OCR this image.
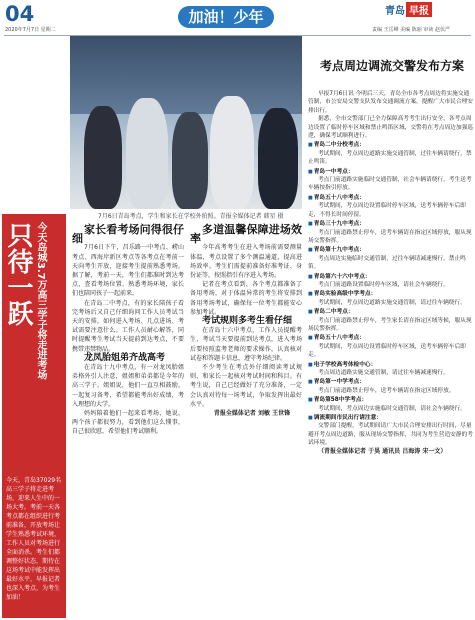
04
2020年7月7日 星期二
加油！少年	青岛 早报
责编 王岳峰 美编 陈丽 审读 赵伏严
只待一跃 今天岛城3.7万高三学子将走进考场
今天，青岛37029名高三学子将走进考场，迎来人生中的一场大考。考前一天各考点都在组织进行考前准备，开放考场让学生熟悉考试环境，工作人员对考场进行全面消杀。考生们都调整好状态，期待在这场考试中能发挥出最好水平，早报记者也深入考点，为考生加油！
7月6日青岛考点，学生和家长在学校外拍照。青报全媒体记者 韩星 摄

家长看考场问得很仔细

7月6日下午，昌乐路一中考点、崂山考点、西海岸新区考点等各考点在考前一天向考生开放，迎接考生提前熟悉考场。据了解，考前一天，考生们都准时到达考点，查看考场位置、熟悉考场环境，家长们也陪同孩子一起前来。

在青岛二中考点，有的家长陪孩子看完考场后又自己仔细询问工作人员考试当天的安排，如何进入考场、几点进场、考试需要注意什么。工作人员耐心解答，同时提醒考生考试当天提前到达考点，不要携带违禁物品。

龙凤胎姐弟齐战高考

在青岛十九中考点，有一对龙凤胎姐弟格外引人注意，姐姐和弟弟都是今年的高三学子。姐姐说，他们一直互相鼓励，一起复习备考，希望都能考出好成绩，考入理想的大学。

妈妈陪着他们一起来看考场，她说，两个孩子都很努力，看到他们这么懂事，自己很欣慰，希望他们考试顺利。

多道温馨保障进场效率

今年高考考生在进入考场前需要测量体温，考点设置了多个测温通道，提高进场效率。考生们需提前准备好准考证、身份证等，按照指引有序进入考场。

记者在考点看到，各个考点都准备了备用考场，对于体温异常的考生将安排到备用考场考试，确保每一位考生都能安心参加考试。

考试规则多考生看仔细

在青岛十六中考点，工作人员提醒考生，考试当天要提前到达考点，进入考场后要按照监考老师的要求操作，认真核对试卷和答题卡信息，遵守考场纪律。

不少考生在考点外仔细阅读考试规则，和家长一起核对考试时间和科目。有考生说，自己已经做好了充分准备，一定会认真对待每一场考试，争取发挥出最好水平。

青报全媒体记者 刘敏 王世锋

考点周边调流交警发布方案

早报7月6日讯 今明后三天，青岛全市各考点周边将实施交通管制，市公安局交警支队发布交通调流方案，提醒广大市民合理安排出行。

据悉，全市交警部门已全力保障高考考生出行安全，各考点周边设置了临时停车区域和禁止鸣笛区域，交警将在考点周边加强巡逻，确保考试顺利进行。

■ 青岛二中分校考点：

考试期间，考点周边道路实施交通管制，过往车辆请绕行，禁止鸣笛。

■ 青岛一中考点：

考点门前道路实施临时交通管制，社会车辆请绕行，考生送考车辆按指引停放。

■ 青岛五十八中考点：

考试期间，考点周边设置临时停车区域，送考车辆停车后即走，不得长时间停留。

■ 青岛三十九中考点：

考点门前道路禁止停车，送考车辆请在指定区域停放，服从现场交警指挥。

■ 青岛第十九中考点：

考点周边实施临时交通管制，过往车辆请减速慢行，禁止鸣笛。

■ 青岛第六十六中考点：

考点门前道路设置临时停车区域，请社会车辆绕行。

■ 青岛实验高级中学考点：

考试期间，考点周边道路实施交通管制，请过往车辆绕行。

■ 青岛二中考点：

考点门前道路禁止停车，考生家长请在指定区域等候，服从现场民警指挥。

■ 青岛五十八中考点：

考试期间，考点周边设置临时停车区域，送考车辆停车后即走。

■ 电子学校高考体检中心：

考点周边道路实施交通管制，请过往车辆减速慢行。

■ 青岛第一中学考点：

考点门前道路禁止停车，送考车辆请在指定区域停放。

■ 青岛第58中学考点：

考试期间，考点周边实施临时交通管制，请社会车辆绕行。

■ 调流期间市民出行请注意：

交警部门提醒，考试期间请广大市民合理安排出行时间，尽量避开考点周边道路，服从现场交警指挥，共同为考生营造安静的考试环境。

（青报全媒体记者 于昊 通讯员 吕海涛 宋一文）
